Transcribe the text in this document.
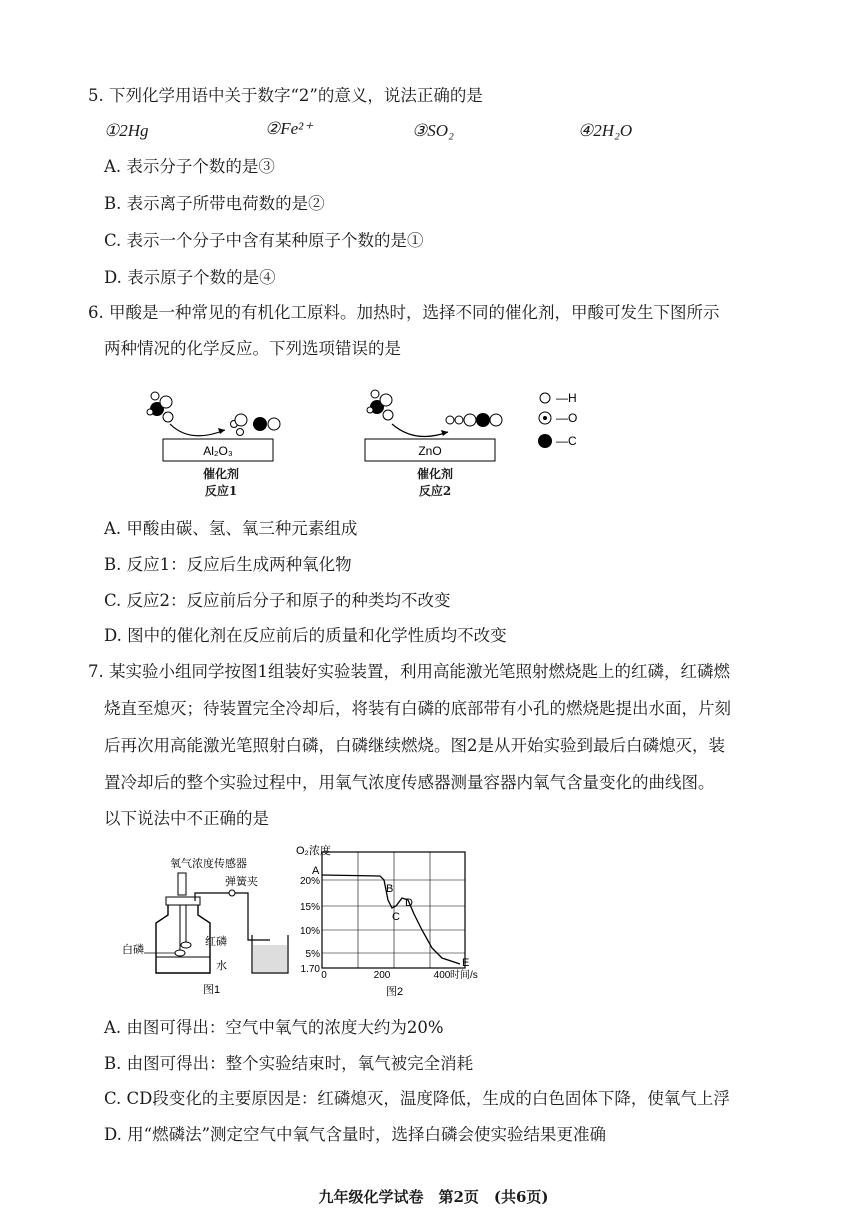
5. 下列化学用语中关于数字“2”的意义，说法正确的是
①2Hg	②Fe²⁺	③SO₂	④2H₂O
A. 表示分子个数的是③
B. 表示离子所带电荷数的是②
C. 表示一个分子中含有某种原子个数的是①
D. 表示原子个数的是④
6. 甲酸是一种常见的有机化工原料。加热时，选择不同的催化剂，甲酸可发生下图所示
两种情况的化学反应。下列选项错误的是
Al₂O₃	ZnO
—H
—O
—C
催化剂
反应1
催化剂
反应2
A. 甲酸由碳、氢、氧三种元素组成
B. 反应1：反应后生成两种氧化物
C. 反应2：反应前后分子和原子的种类均不改变
D. 图中的催化剂在反应前后的质量和化学性质均不改变
7. 某实验小组同学按图1组装好实验装置，利用高能激光笔照射燃烧匙上的红磷，红磷燃
烧直至熄灭；待装置完全冷却后，将装有白磷的底部带有小孔的燃烧匙提出水面，片刻
后再次用高能激光笔照射白磷，白磷继续燃烧。图2是从开始实验到最后白磷熄灭，装
置冷却后的整个实验过程中，用氧气浓度传感器测量容器内氧气含量变化的曲线图。
以下说法中不正确的是
氧气浓度传感器
弹簧夹
白磷
红磷
水
图1
O₂浓度
20%
15%
10%
5%
1.70
0	200	400 时间/s
A
B
C
D
E
图2
A. 由图可得出：空气中氧气的浓度大约为20%
B. 由图可得出：整个实验结束时，氧气被完全消耗
C. CD段变化的主要原因是：红磷熄灭，温度降低，生成的白色固体下降，使氧气上浮
D. 用“燃磷法”测定空气中氧气含量时，选择白磷会使实验结果更准确
九年级化学试卷　第2页　(共6页)
